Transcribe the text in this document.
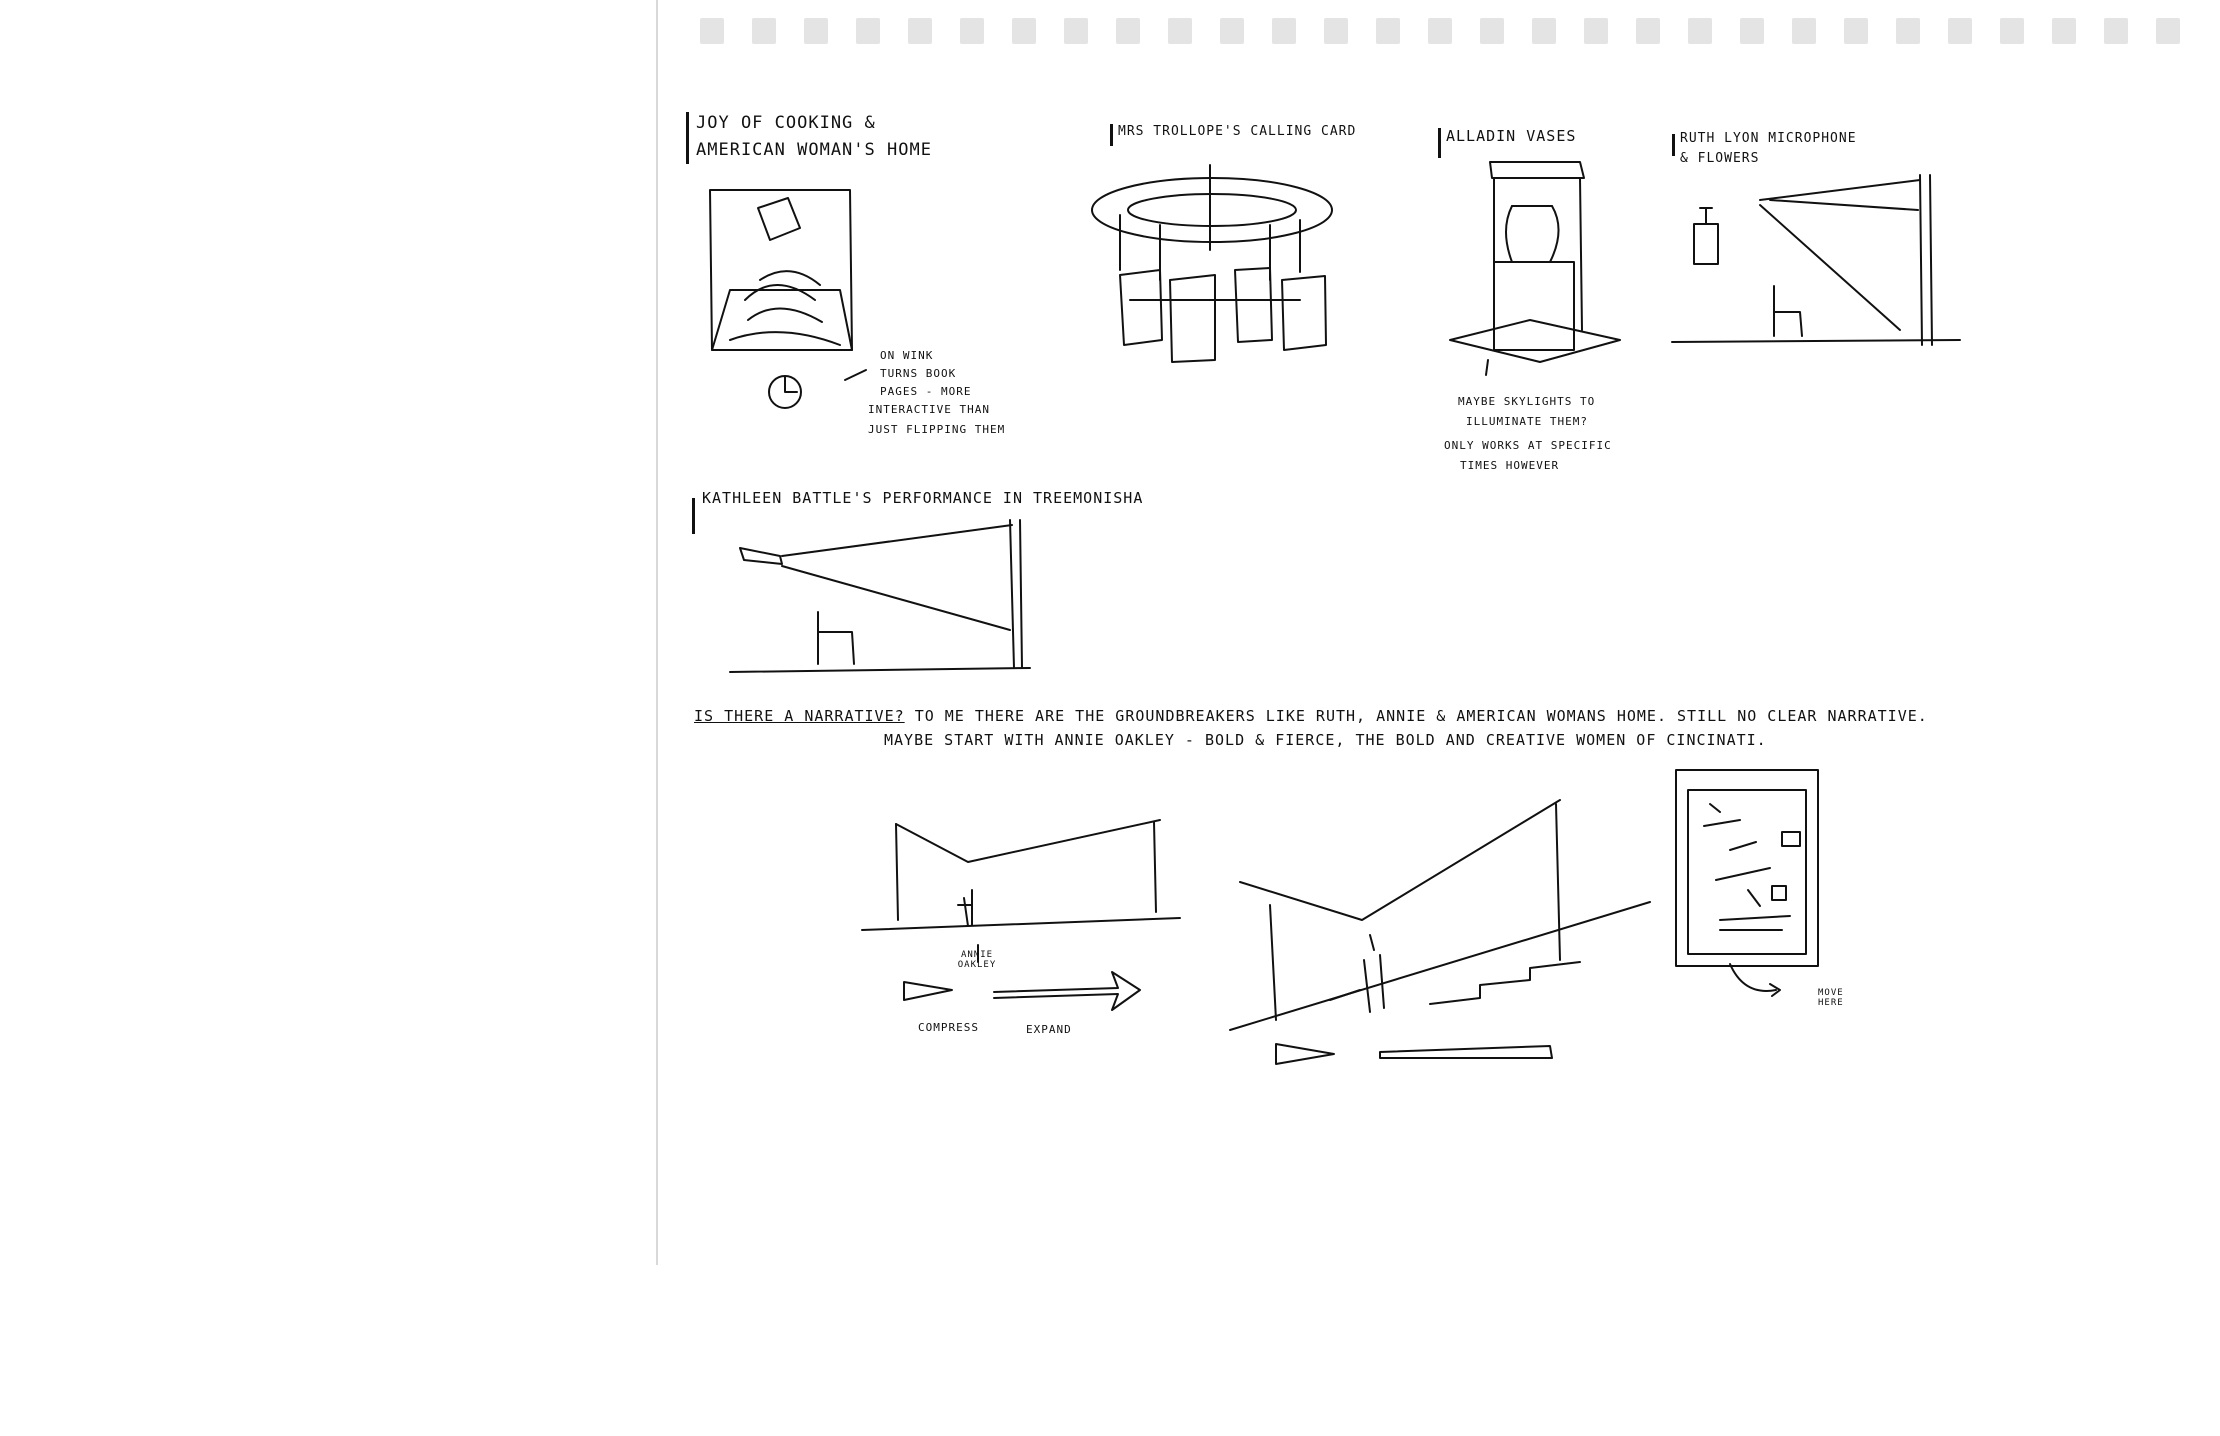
JOY OF COOKING &
AMERICAN WOMAN'S HOME
ON WINK
TURNS BOOK
PAGES - MORE
INTERACTIVE THAN
JUST FLIPPING THEM
MRS TROLLOPE'S CALLING CARD	ALLADIN VASES
MAYBE SKYLIGHTS TO
ILLUMINATE THEM?
ONLY WORKS AT SPECIFIC
TIMES HOWEVER
RUTH LYON MICROPHONE
& FLOWERS
KATHLEEN BATTLE'S PERFORMANCE IN TREEMONISHA
IS THERE A NARRATIVE? TO ME THERE ARE THE GROUNDBREAKERS LIKE RUTH, ANNIE & AMERICAN WOMANS HOME. STILL NO CLEAR NARRATIVE.
MAYBE START WITH ANNIE OAKLEY - BOLD & FIERCE, THE BOLD AND CREATIVE WOMEN OF CINCINATI.
ANNIE OAKLEY
COMPRESS	EXPAND
MOVE HERE
